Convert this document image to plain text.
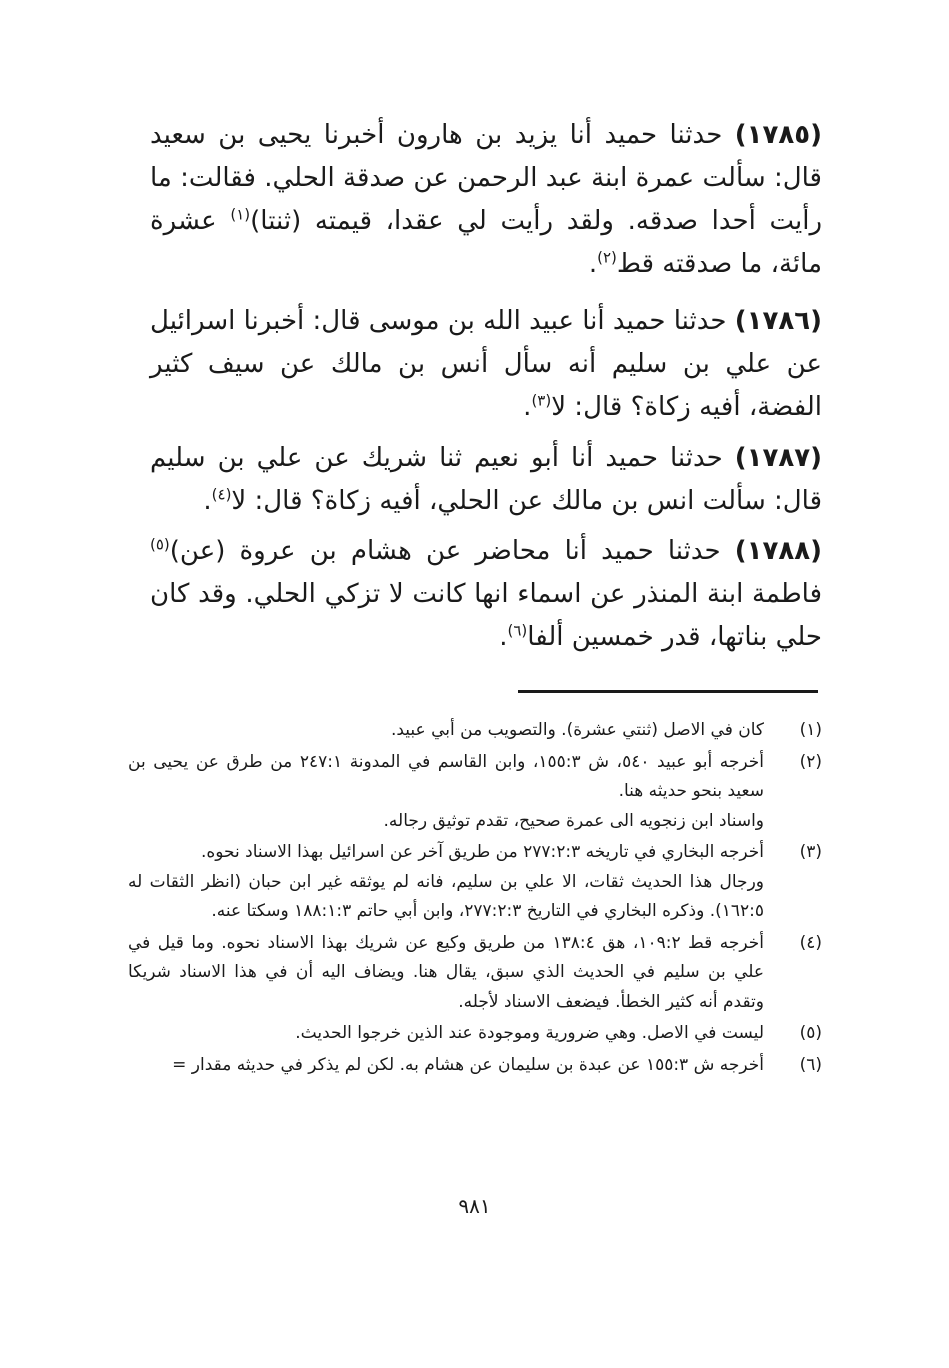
(١٧٨٥) حدثنا حميد أنا يزيد بن هارون أخبرنا يحيى بن سعيد قال: سألت عمرة ابنة عبد الرحمن عن صدقة الحلي. فقالت: ما رأيت أحدا صدقه. ولقد رأيت لي عقدا، قيمته (ثنتا)$^{(١)}$ عشرة مائة، ما صدقته قط$^{(٢)}$.

(١٧٨٦) حدثنا حميد أنا عبيد الله بن موسى قال: أخبرنا اسرائيل عن علي بن سليم أنه سأل أنس بن مالك عن سيف كثير الفضة، أفيه زكاة؟ قال: لا$^{(٣)}$.

(١٧٨٧) حدثنا حميد أنا أبو نعيم ثنا شريك عن علي بن سليم قال: سألت انس بن مالك عن الحلي، أفيه زكاة؟ قال: لا$^{(٤)}$.

(١٧٨٨) حدثنا حميد أنا محاضر عن هشام بن عروة (عن)$^{(٥)}$ فاطمة ابنة المنذر عن اسماء انها كانت لا تزكي الحلي. وقد كان حلي بناتها، قدر خمسين ألفا$^{(٦)}$.

(١)

كان في الاصل (ثنتي عشرة). والتصويب من أبي عبيد.

(٢)

أخرجه أبو عبيد ٥٤٠، ش ١٥٥:٣، وابن القاسم في المدونة ٢٤٧:١ من طرق عن يحيى بن سعيد بنحو حديثه هنا.

واسناد ابن زنجويه الى عمرة صحيح، تقدم توثيق رجاله.

(٣)

أخرجه البخاري في تاريخه ٢٧٧:٢:٣ من طريق آخر عن اسرائيل بهذا الاسناد نحوه.

ورجال هذا الحديث ثقات، الا علي بن سليم، فانه لم يوثقه غير ابن حبان (انظر الثقات له ١٦٢:٥). وذكره البخاري في التاريخ ٢٧٧:٢:٣، وابن أبي حاتم ١٨٨:١:٣ وسكتا عنه.

(٤)

أخرجه قط ١٠٩:٢، هق ١٣٨:٤ من طريق وكيع عن شريك بهذا الاسناد نحوه. وما قيل في علي بن سليم في الحديث الذي سبق، يقال هنا. ويضاف اليه أن في هذا الاسناد شريكا وتقدم أنه كثير الخطأ. فيضعف الاسناد لأجله.

(٥)

ليست في الاصل. وهي ضرورية وموجودة عند الذين خرجوا الحديث.

(٦)

أخرجه ش ١٥٥:٣ عن عبدة بن سليمان عن هشام به. لكن لم يذكر في حديثه مقدار =

٩٨١
